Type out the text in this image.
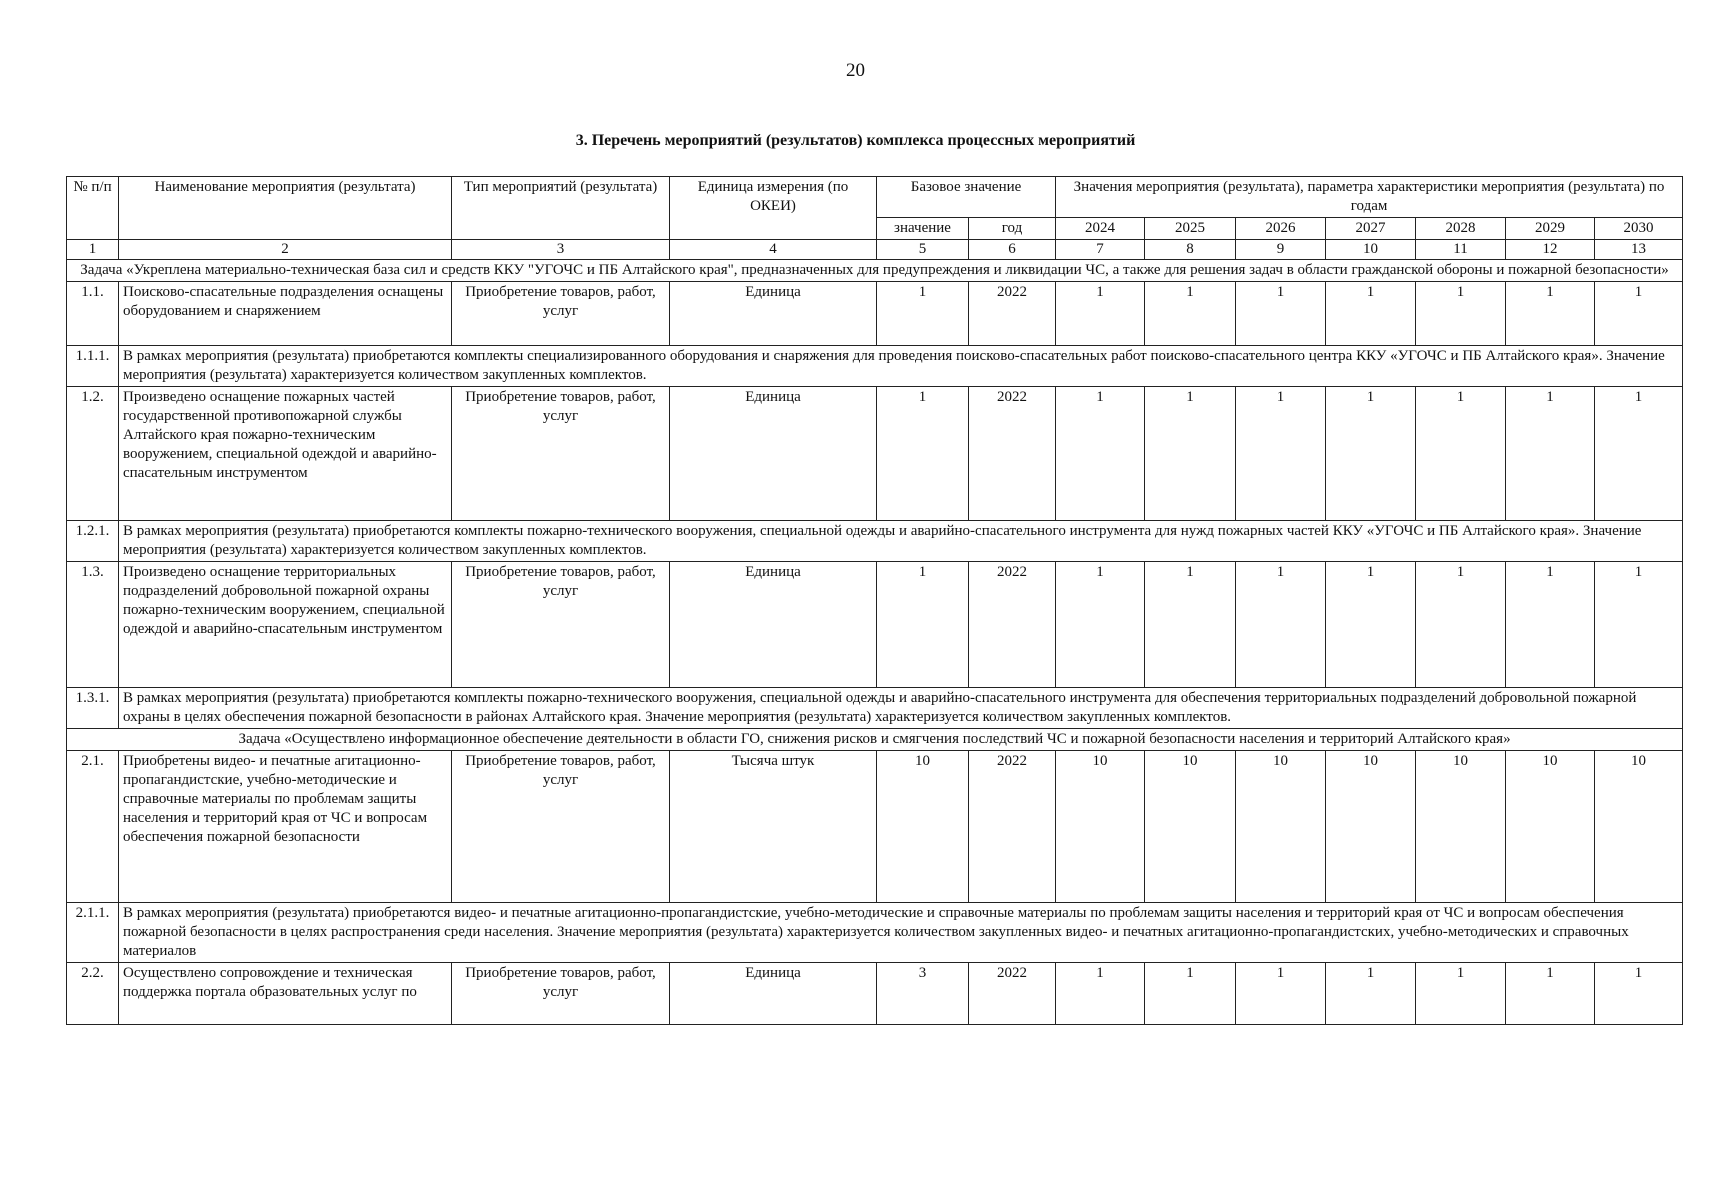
20
3. Перечень мероприятий (результатов) комплекса процессных мероприятий
№ п/п	Наименование мероприятия (результата)	Тип мероприятий (результата)	Единица измерения (по ОКЕИ)	Базовое значение		Значения мероприятия (результата), параметра характеристики мероприятия (результата) по годам						
				значение	год	2024	2025	2026	2027	2028	2029	2030
1	2	3	4	5	6	7	8	9	10	11	12	13
Задача «Укреплена материально-техническая база сил и средств ККУ "УГОЧС и ПБ Алтайского края", предназначенных для предупреждения и ликвидации ЧС, а также для решения задач в области гражданской обороны и пожарной безопасности»												
1.1.	Поисково-спасательные подразделения оснащены оборудованием и снаряжением	Приобретение товаров, работ, услуг	Единица	1	2022	1	1	1	1	1	1	1
1.1.1.	В рамках мероприятия (результата) приобретаются комплекты специализированного оборудования и снаряжения для проведения поисково-спасательных работ поисково-спасательного центра ККУ «УГОЧС и ПБ Алтайского края». Значение мероприятия (результата) характеризуется количеством закупленных комплектов.											
1.2.	Произведено оснащение пожарных частей государственной противопожарной службы Алтайского края пожарно-техническим вооружением, специальной одеждой и аварийно-спасательным инструментом	Приобретение товаров, работ, услуг	Единица	1	2022	1	1	1	1	1	1	1
1.2.1.	В рамках мероприятия (результата) приобретаются комплекты пожарно-технического вооружения, специальной одежды и аварийно-спасательного инструмента для нужд пожарных частей ККУ «УГОЧС и ПБ Алтайского края». Значение мероприятия (результата) характеризуется количеством закупленных комплектов.											
1.3.	Произведено оснащение территориальных подразделений добровольной пожарной охраны пожарно-техническим вооружением, специальной одеждой и аварийно-спасательным инструментом	Приобретение товаров, работ, услуг	Единица	1	2022	1	1	1	1	1	1	1
1.3.1.	В рамках мероприятия (результата) приобретаются комплекты пожарно-технического вооружения, специальной одежды и аварийно-спасательного инструмента для обеспечения территориальных подразделений добровольной пожарной охраны в целях обеспечения пожарной безопасности в районах Алтайского края. Значение мероприятия (результата) характеризуется количеством закупленных комплектов.											
Задача «Осуществлено информационное обеспечение деятельности в области ГО, снижения рисков и смягчения последствий ЧС и пожарной безопасности населения и территорий Алтайского края»												
2.1.	Приобретены видео- и печатные агитационно-пропагандистские, учебно-методические и справочные материалы по проблемам защиты населения и территорий края от ЧС и вопросам обеспечения пожарной безопасности	Приобретение товаров, работ, услуг	Тысяча штук	10	2022	10	10	10	10	10	10	10
2.1.1.	В рамках мероприятия (результата) приобретаются видео- и печатные агитационно-пропагандистские, учебно-методические и справочные материалы по проблемам защиты населения и территорий края от ЧС и вопросам обеспечения пожарной безопасности в целях распространения среди населения. Значение мероприятия (результата) характеризуется количеством закупленных видео- и печатных агитационно-пропагандистских, учебно-методических и справочных материалов											
2.2.	Осуществлено сопровождение и техническая поддержка портала образовательных услуг по	Приобретение товаров, работ, услуг	Единица	3	2022	1	1	1	1	1	1	1
